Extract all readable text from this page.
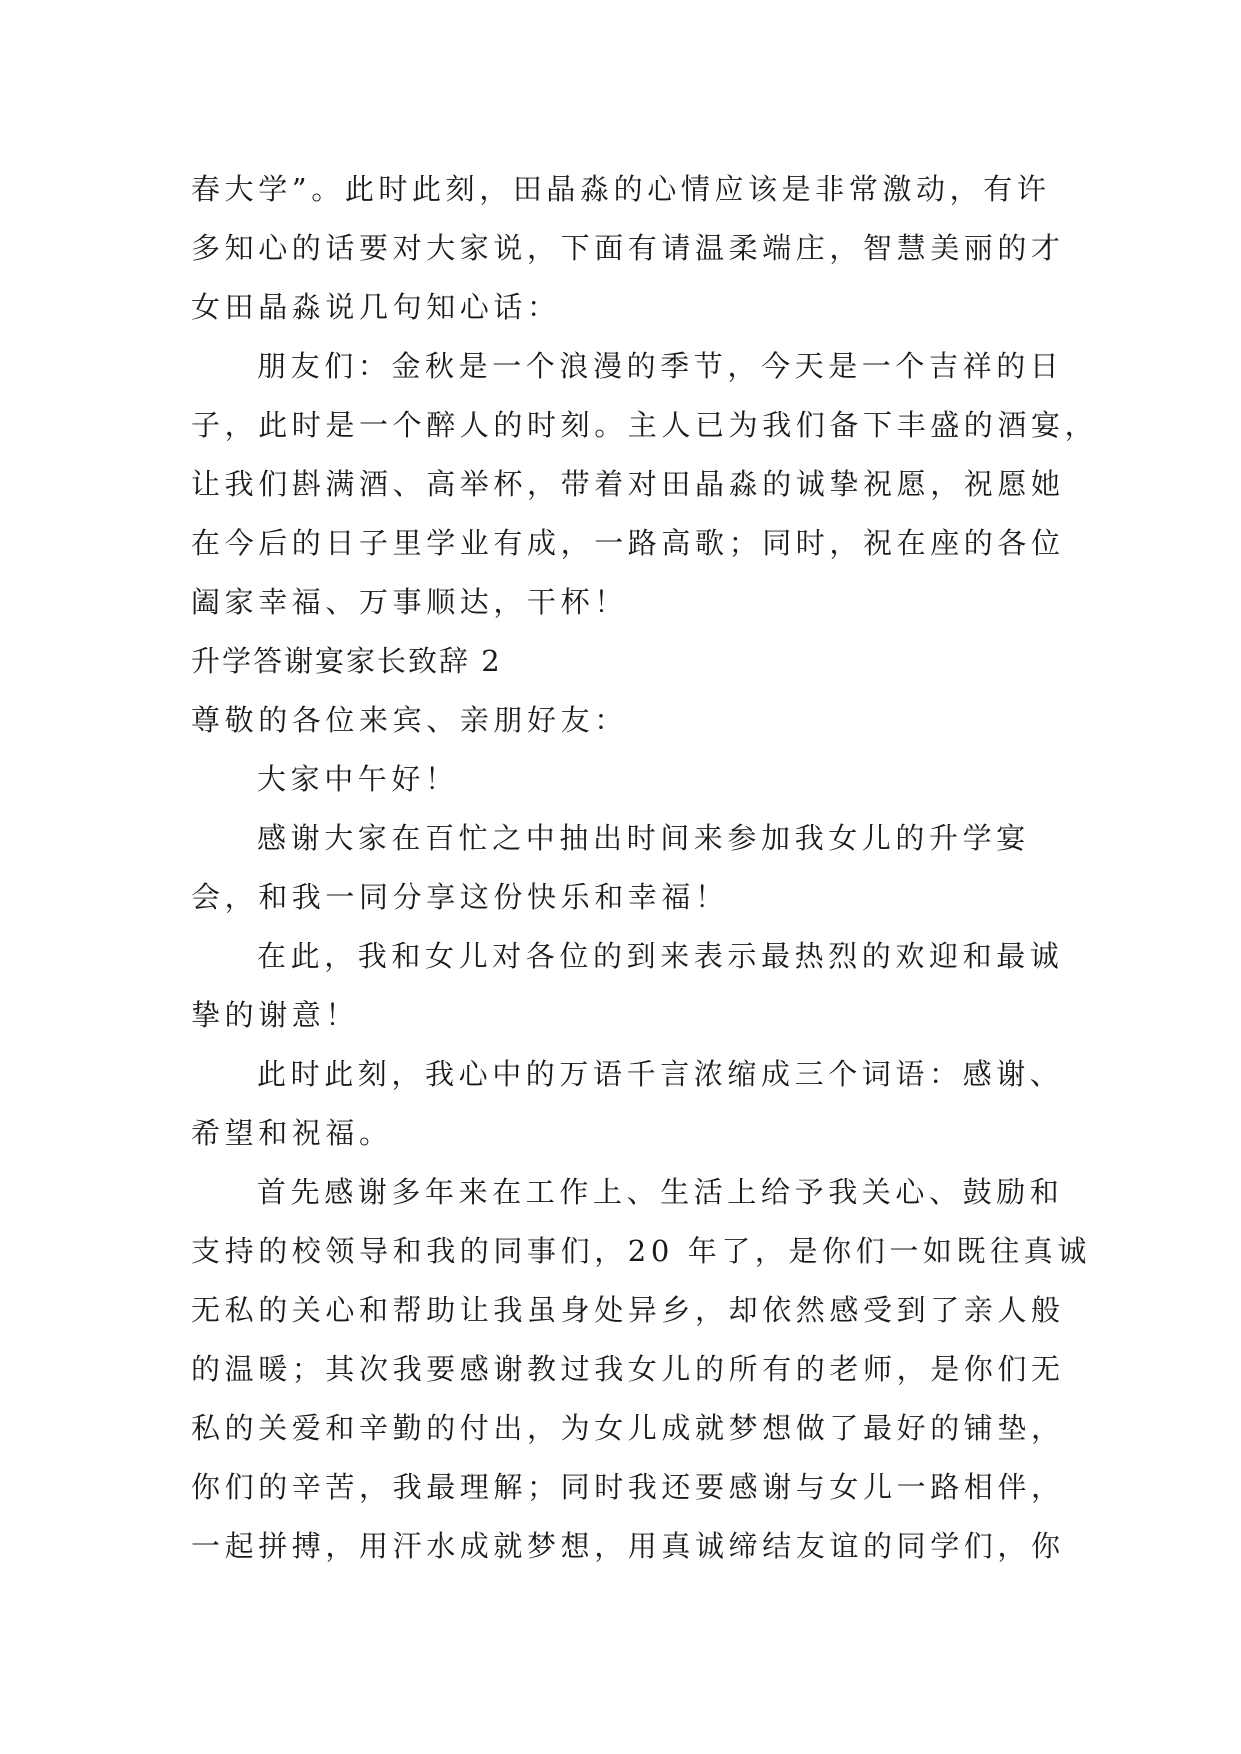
春大学”。此时此刻，田晶淼的心情应该是非常激动，有许
多知心的话要对大家说，下面有请温柔端庄，智慧美丽的才
女田晶淼说几句知心话：
朋友们：金秋是一个浪漫的季节，今天是一个吉祥的日
子，此时是一个醉人的时刻。主人已为我们备下丰盛的酒宴，
让我们斟满酒、高举杯，带着对田晶淼的诚挚祝愿，祝愿她
在今后的日子里学业有成，一路高歌；同时，祝在座的各位
阖家幸福、万事顺达，干杯！
升学答谢宴家长致辞 2
尊敬的各位来宾、亲朋好友：
大家中午好！
感谢大家在百忙之中抽出时间来参加我女儿的升学宴
会，和我一同分享这份快乐和幸福！
在此，我和女儿对各位的到来表示最热烈的欢迎和最诚
挚的谢意！
此时此刻，我心中的万语千言浓缩成三个词语：感谢、
希望和祝福。
首先感谢多年来在工作上、生活上给予我关心、鼓励和
支持的校领导和我的同事们，20 年了，是你们一如既往真诚
无私的关心和帮助让我虽身处异乡，却依然感受到了亲人般
的温暖；其次我要感谢教过我女儿的所有的老师，是你们无
私的关爱和辛勤的付出，为女儿成就梦想做了最好的铺垫，
你们的辛苦，我最理解；同时我还要感谢与女儿一路相伴，
一起拼搏，用汗水成就梦想，用真诚缔结友谊的同学们，你
